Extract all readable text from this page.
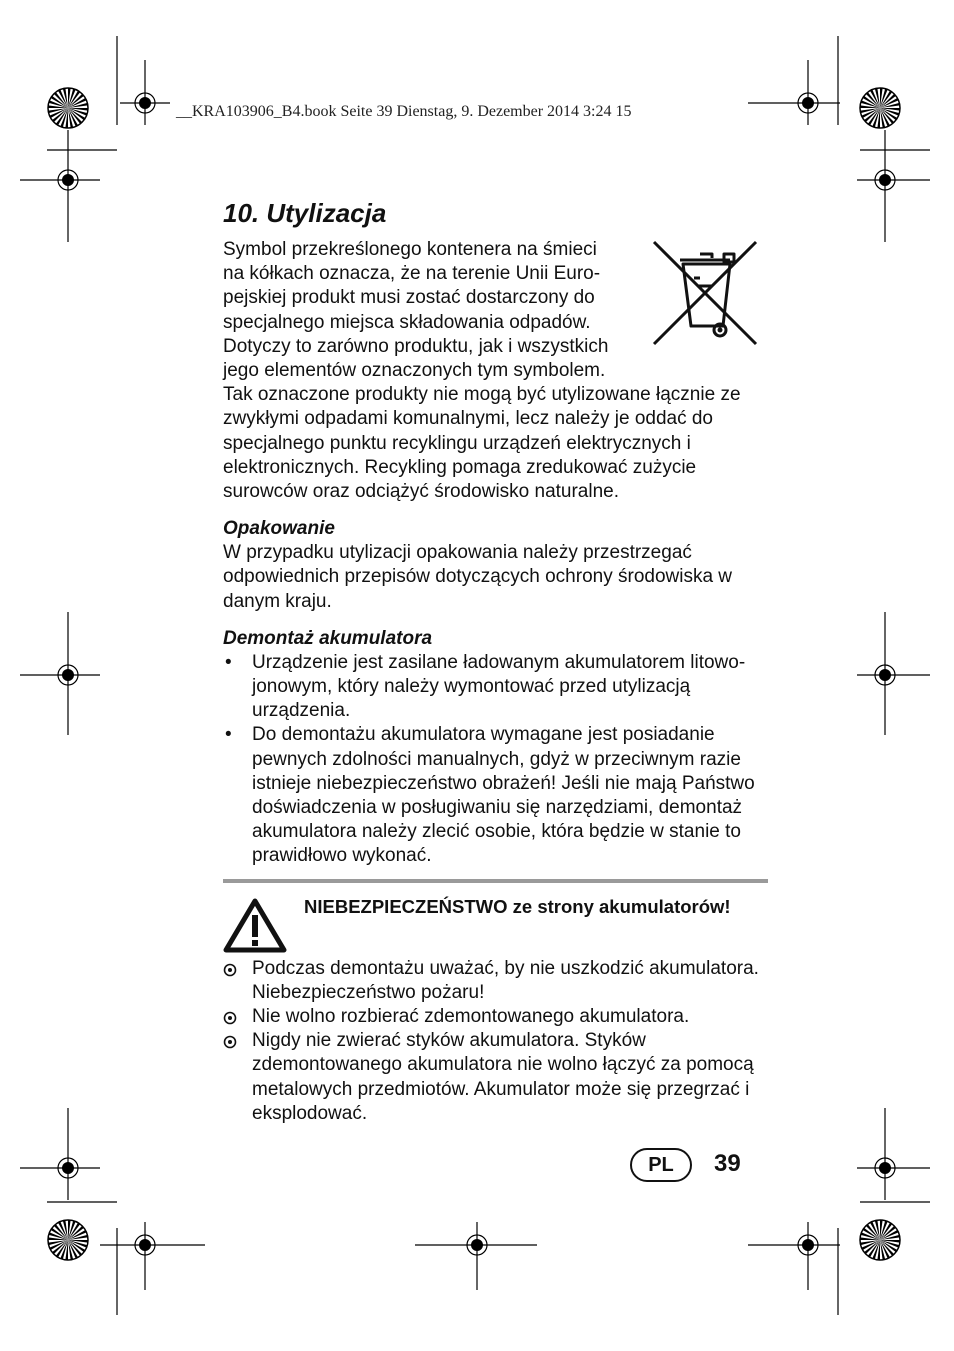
__KRA103906_B4.book Seite 39 Dienstag, 9. Dezember 2014 3:24 15
10. Utylizacja
Symbol przekreślonego kontenera na śmieci
na kółkach oznacza, że na terenie Unii Euro-
pejskiej produkt musi zostać dostarczony do
specjalnego miejsca składowania odpadów.
Dotyczy to zarówno produktu, jak i wszystkich
jego elementów oznaczonych tym symbolem.

Tak oznaczone produkty nie mogą być utylizowane łącznie ze zwykłymi odpadami komunalnymi, lecz należy je oddać do specjalnego punktu recyklingu urządzeń elektrycznych i elektronicznych. Recykling pomaga zredukować zużycie surowców oraz odciążyć środowisko naturalne.

Opakowanie

W przypadku utylizacji opakowania należy przestrzegać odpowiednich przepisów dotyczących ochrony środowiska w danym kraju.

Demontaż akumulatora
• Urządzenie jest zasilane ładowanym akumulatorem litowo-jonowym, który należy wymontować przed utylizacją urządzenia.
• Do demontażu akumulatora wymagane jest posiadanie pewnych zdolności manualnych, gdyż w przeciwnym razie istnieje niebezpieczeństwo obrażeń! Jeśli nie mają Państwo doświadczenia w posługiwaniu się narzędziami, demontaż akumulatora należy zlecić osobie, która będzie w stanie to prawidłowo wykonać.
NIEBEZPIECZEŃSTWO ze strony akumulatorów!
Podczas demontażu uważać, by nie uszkodzić akumulatora. Niebezpieczeństwo pożaru!
Nie wolno rozbierać zdemontowanego akumulatora.
Nigdy nie zwierać styków akumulatora. Styków zdemontowanego akumulatora nie wolno łączyć za pomocą metalowych przedmiotów. Akumulator może się przegrzać i eksplodować.
PL	39
